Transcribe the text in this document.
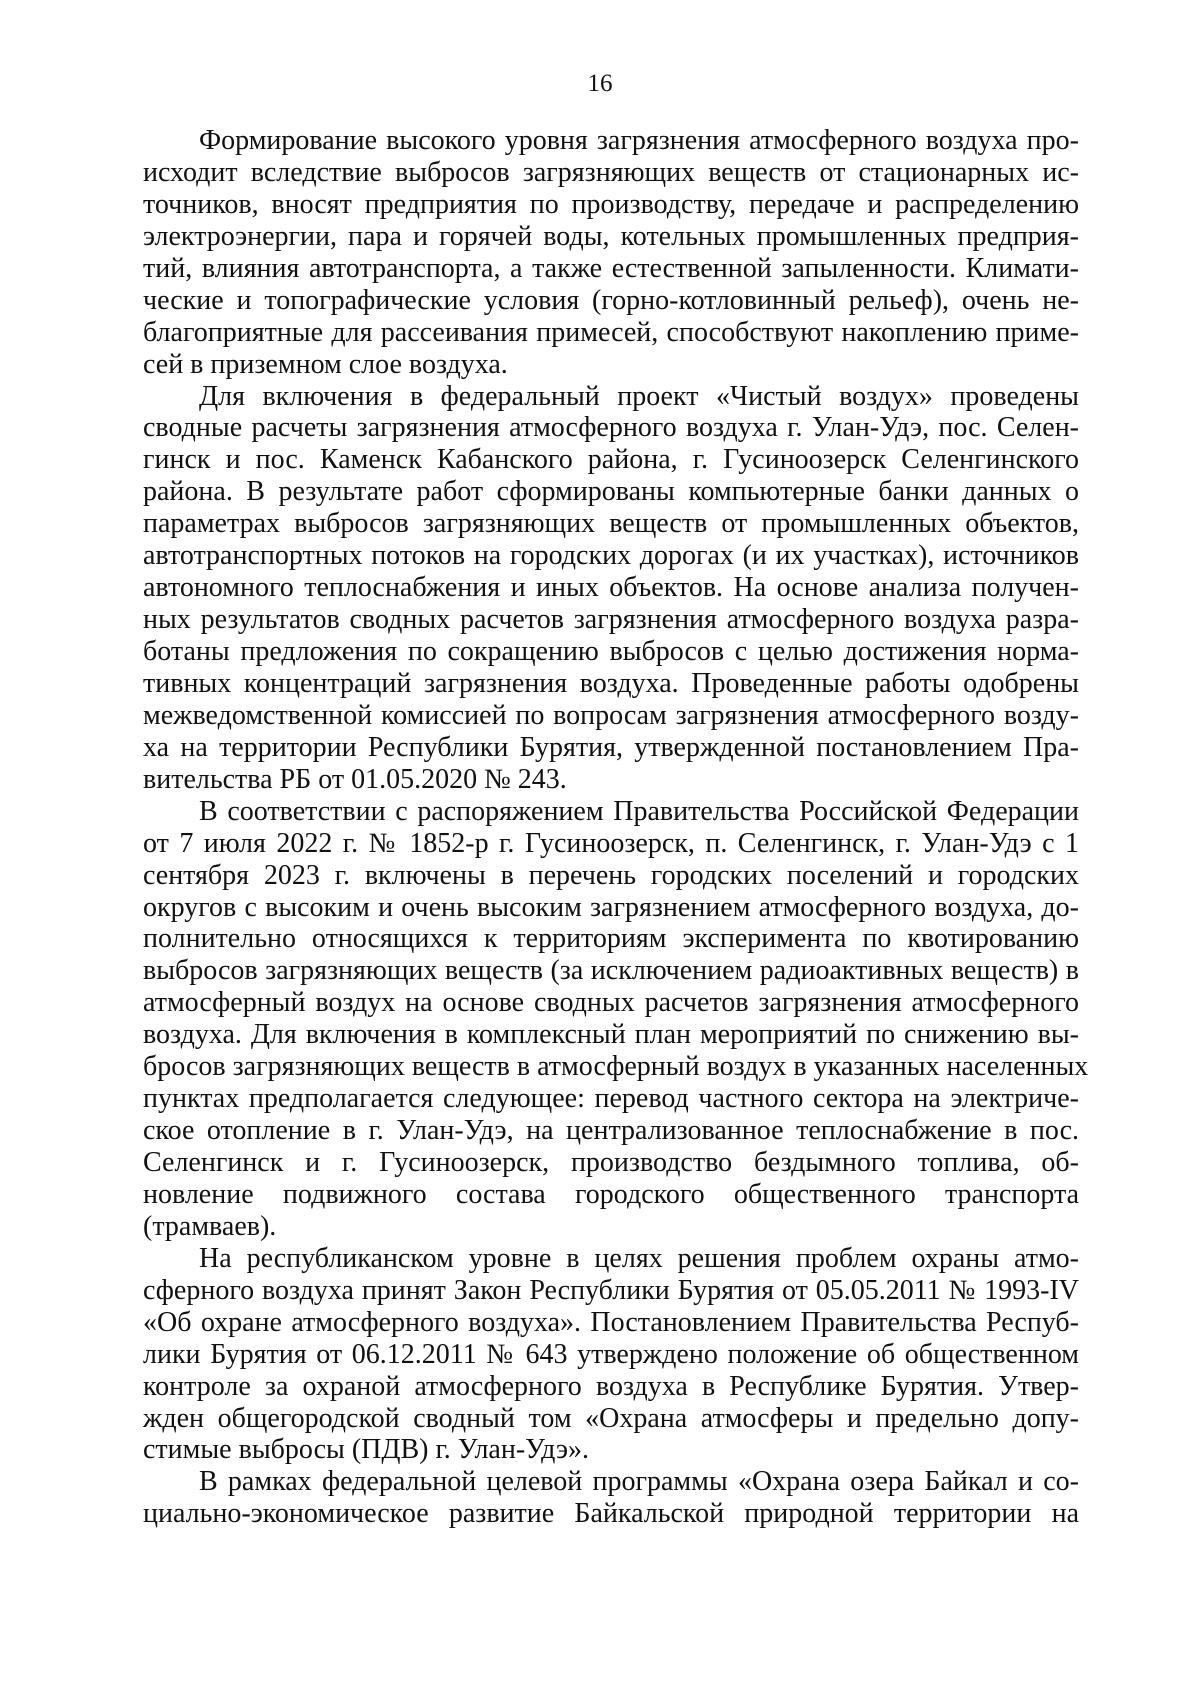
16
Формирование высокого уровня загрязнения атмосферного воздуха про-
исходит вследствие выбросов загрязняющих веществ от стационарных ис-
точников, вносят предприятия по производству, передаче и распределению
электроэнергии, пара и горячей воды, котельных промышленных предприя-
тий, влияния автотранспорта, а также естественной запыленности. Климати-
ческие и топографические условия (горно-котловинный рельеф), очень не-
благоприятные для рассеивания примесей, способствуют накоплению приме-
сей в приземном слое воздуха.
Для включения в федеральный проект «Чистый воздух» проведены
сводные расчеты загрязнения атмосферного воздуха г. Улан-Удэ, пос. Селен-
гинск и пос. Каменск Кабанского района, г. Гусиноозерск Селенгинского
района. В результате работ сформированы компьютерные банки данных о
параметрах выбросов загрязняющих веществ от промышленных объектов,
автотранспортных потоков на городских дорогах (и их участках), источников
автономного теплоснабжения и иных объектов. На основе анализа получен-
ных результатов сводных расчетов загрязнения атмосферного воздуха разра-
ботаны предложения по сокращению выбросов с целью достижения норма-
тивных концентраций загрязнения воздуха. Проведенные работы одобрены
межведомственной комиссией по вопросам загрязнения атмосферного возду-
ха на территории Республики Бурятия, утвержденной постановлением Пра-
вительства РБ от 01.05.2020 № 243.
В соответствии с распоряжением Правительства Российской Федерации
от 7 июля 2022 г. № 1852-р г. Гусиноозерск, п. Селенгинск, г. Улан-Удэ с 1
сентября 2023 г. включены в перечень городских поселений и городских
округов с высоким и очень высоким загрязнением атмосферного воздуха, до-
полнительно относящихся к территориям эксперимента по квотированию
выбросов загрязняющих веществ (за исключением радиоактивных веществ) в
атмосферный воздух на основе сводных расчетов загрязнения атмосферного
воздуха. Для включения в комплексный план мероприятий по снижению вы-
бросов загрязняющих веществ в атмосферный воздух в указанных населенных
пунктах предполагается следующее: перевод частного сектора на электриче-
ское отопление в г. Улан-Удэ, на централизованное теплоснабжение в пос.
Селенгинск и г. Гусиноозерск, производство бездымного топлива, об-
новление подвижного состава городского общественного транспорта
(трамваев).
На республиканском уровне в целях решения проблем охраны атмо-
сферного воздуха принят Закон Республики Бурятия от 05.05.2011 № 1993-IV
«Об охране атмосферного воздуха». Постановлением Правительства Респуб-
лики Бурятия от 06.12.2011 № 643 утверждено положение об общественном
контроле за охраной атмосферного воздуха в Республике Бурятия. Утвер-
жден общегородской сводный том «Охрана атмосферы и предельно допу-
стимые выбросы (ПДВ) г. Улан-Удэ».
В рамках федеральной целевой программы «Охрана озера Байкал и со-
циально-экономическое развитие Байкальской природной территории на
